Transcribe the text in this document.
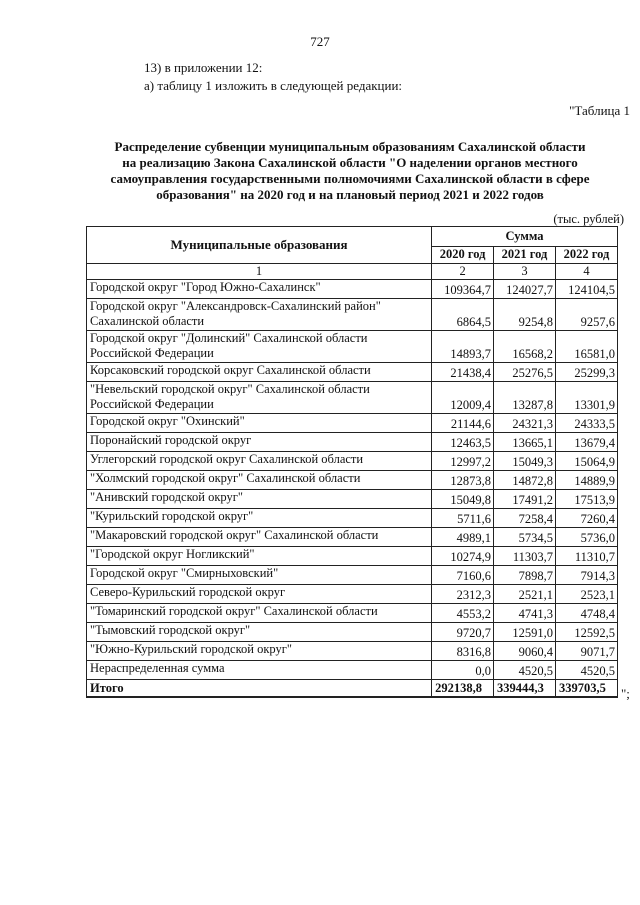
727
13) в приложении 12:
а) таблицу 1 изложить в следующей редакции:
"Таблица 1
Распределение субвенции муниципальным образованиям Сахалинской области
на реализацию Закона Сахалинской области "О наделении органов местного
самоуправления государственными полномочиями Сахалинской области в сфере
образования" на 2020 год и на плановый период 2021 и 2022 годов
(тыс. рублей)
Муниципальные образования	Сумма		
	2020 год	2021 год	2022 год
1	2	3	4
Городской округ "Город Южно-Сахалинск"	109364,7	124027,7	124104,5
Городской округ "Александровск-Сахалинский район" Сахалинской области	6864,5	9254,8	9257,6
Городской округ "Долинский" Сахалинской области Российской Федерации	14893,7	16568,2	16581,0
Корсаковский городской округ Сахалинской области	21438,4	25276,5	25299,3
"Невельский городской округ" Сахалинской области Российской Федерации	12009,4	13287,8	13301,9
Городской округ "Охинский"	21144,6	24321,3	24333,5
Поронайский городской округ	12463,5	13665,1	13679,4
Углегорский городской округ Сахалинской области	12997,2	15049,3	15064,9
"Холмский городской округ" Сахалинской области	12873,8	14872,8	14889,9
"Анивский городской округ"	15049,8	17491,2	17513,9
"Курильский городской округ"	5711,6	7258,4	7260,4
"Макаровский городской округ" Сахалинской области	4989,1	5734,5	5736,0
"Городской округ Ногликский"	10274,9	11303,7	11310,7
Городской округ "Смирныховский"	7160,6	7898,7	7914,3
Северо-Курильский городской округ	2312,3	2521,1	2523,1
"Томаринский городской округ" Сахалинской области	4553,2	4741,3	4748,4
"Тымовский городской округ"	9720,7	12591,0	12592,5
"Южно-Курильский городской округ"	8316,8	9060,4	9071,7
Нераспределенная сумма	0,0	4520,5	4520,5
Итого	292138,8	339444,3	339703,5 ";
